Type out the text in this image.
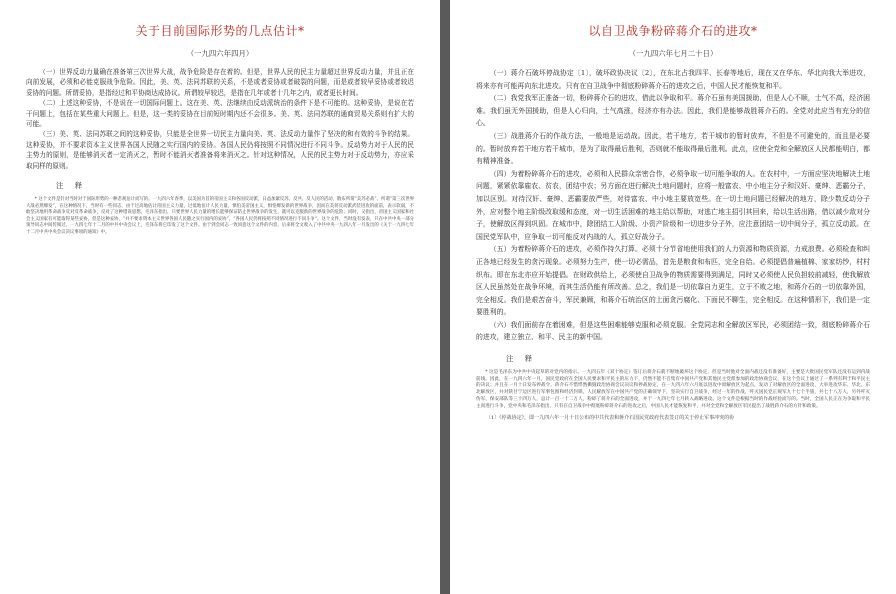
关于目前国际形势的几点估计*
（一九四六年四月）

（一）世界反动力量确在准备第三次世界大战，战争危险是存在着的。但是，世界人民的民主力量超过世界反动力量，并且正在向前发展，必须和必能克服战争危险。因此，美、英、法同苏联的关系，不是或者妥协或者破裂的问题，而是或者较早妥协或者较迟妥协的问题。所谓妥协，是指经过和平协商达成协议。所谓较早较迟，是指在几年或者十几年之内，或者更长时间。

（二）上述这种妥协，不是说在一切国际问题上。这在美、英、法继续由反动派统治的条件下是不可能的。这种妥协，是说在若干问题上，包括在某些重大问题上。但是，这一类的妥协在目前短时期内还不会很多。美、英、法同苏联的通商贸易关系则有扩大的可能。

（三）美、英、法同苏联之间的这种妥协，只能是全世界一切民主力量向美、英、法反动力量作了坚决的和有效的斗争的结果。这种妥协，并不要求资本主义世界各国人民随之实行国内的妥协。各国人民仍将按照不同情况进行不同斗争。反动势力对于人民的民主势力的原则，是能够消灭者一定消灭之，暂时不能消灭者准备将来消灭之。针对这种情况，人民的民主势力对于反动势力，亦应采取同样的原则。

注　释

* 这个文件是针对当时对于国际形势的一种悲观估计而写的。一九四六年春季，以美国为首的帝国主义和各国反动派，日益加紧反苏、反共、反人民的活动，散布所谓“美苏必战”、所谓“第三次世界大战必然爆发”，在这种情况下，当时有一些同志，由于过高地估计帝国主义力量，过低地估计人民力量，惧怕美帝国主义，惧怕爆发新的世界战争，因而在美蒋反动派武装进攻的面前，表示软弱，不敢坚决地用革命战争反对反革命战争，反对了这种错误思想。毛泽东指出，只要世界人民力量的增长能够保证防止世界战争的发生，就可以克服新的世界战争的危险；同时，又指出，帝国主义国家和社会主义国家有可能取得某些妥协，但是这种妥协，“并不要求资本主义世界各国人民随之实行国内的妥协”，“各国人民仍将按照不同情况进行不同斗争”。这个文件，当时没有发表，只在中共中央一部分领导同志中间传阅过。一九四七年十二月的中共中央会议上，毛泽东将它印发了这个文件。由于到会同志一致同意这个文件的内容，后来将全文收入了中共中央一九四八年一月发出的《关于一九四七年十二月中共中央会议决议事项的通知》中。

以自卫战争粉碎蒋介石的进攻*
（一九四六年七月二十日）

（一）蒋介石破坏停战协定〔1〕，破坏政协决议〔2〕，在东北占我四平、长春等地后，现在又在华东、华北向我大举进攻，将来亦有可能再向东北进攻。只有在自卫战争中彻底粉碎蒋介石的进攻之后，中国人民才能恢复和平。

（二）我党我军正准备一切，粉碎蒋介石的进攻，借此以争取和平。蒋介石虽有美国援助，但是人心不顺，士气不高，经济困难。我们虽无外国援助，但是人心归向，士气高涨，经济亦有办法。因此，我们是能够战胜蒋介石的。全党对此应当有充分的信心。

（三）战胜蒋介石的作战方法，一般地是运动战。因此，若干地方，若干城市的暂时放弃，不但是不可避免的，而且是必要的。暂时放弃若干地方若干城市，是为了取得最后胜利，否则就不能取得最后胜利。此点，应使全党和全解放区人民都能明白，都有精神准备。

（四）为着粉碎蒋介石的进攻，必须和人民群众亲密合作，必须争取一切可能争取的人。在农村中，一方面应坚决地解决土地问题，紧紧依靠雇农、贫农，团结中农；另方面在进行解决土地问题时，应将一般富农、中小地主分子和汉奸、豪绅、恶霸分子，加以区别。对待汉奸、豪绅、恶霸要放严些，对待富农、中小地主要放宽些。在一切土地问题已经解决的地方，除少数反动分子外，应对整个地主阶级改取缓和态度，对一切生活困难的地主给以帮助，对逃亡地主招引其回来，给以生活出路，借以减少敌对分子，使解放区得到巩固。在城市中，除团结工人阶级、小资产阶级和一切进步分子外，应注意团结一切中间分子，孤立反动派。在国民党军队中，应争取一切可能反对内战的人，孤立好战分子。

（五）为着粉碎蒋介石的进攻，必须作持久打算。必须十分节省地使用我们的人力资源和物质资源，力戒浪费。必须检查和纠正各地已经发生的贪污现象。必须努力生产，使一切必需品，首先是粮食和布匹，完全自给。必须提倡普遍植棉、家家纺纱，村村织布。即在东北亦应开始提倡。在财政供给上，必须使自卫战争的物质需要得到满足，同时又必须使人民负担较前减轻，使我解放区人民虽然处在战争环境，而其生活仍能有所改善。总之，我们是一切依靠自力更生，立于不败之地，和蒋介石的一切依靠外国，完全相反。我们是艰苦奋斗，军民兼顾，和蒋介石统治区的上面贪污腐化、下面民不聊生，完全相反。在这种情形下，我们是一定要胜利的。

（六）我们面前存在着困难，但是这些困难能够克服和必须克服。全党同志和全解放区军民，必须团结一致，彻底粉碎蒋介石的进攻，建立独立、和平、民主的新中国。

注　释

* 这是毛泽东为中共中央起草的对党内的指示。一九四五年《双十协定》签订后蒋介石就不断地破坏这个协定，但是当时他对全面内战还没有准备好，主要是大批国民党军队还没有运到内战前线。因此，在一九四六年一月，国民党政府在全国人民要求和平民主的压力下，仍然不能不召集有中国共产党和其他民主党派参加的政治协商会议，在这个会议上通过了一系列有利于和平民主的决议；并且在一月十日发布停战令。蒋介石不惜悍然撕毁政治协商会议决议和停战协定，在一九四六年六月底以进攻中原解放区为起点，发动了对解放区的全面进攻，大举进攻华东、华北、东北解放区，并对陕甘宁边区进行军事包围和经济封锁。人民解放军在中国共产党的正确领导下，坚决实行自卫战争，经过一年的作战，歼灭国民党正规军九十七个半旅，共七十八万人，另外歼灭伪军、保安部队等三十四万人，总计一百一十二万人，粉碎了蒋介石的全面进攻，并于一九四七年七月转入战略进攻。这个文件是根据当时的作战经验而写的。当时，全国人民正在为争取和平民主而进行斗争，党中央和毛泽东指出，只有在自卫战争中彻底粉碎蒋介石的进攻之后，中国人民才能恢复和平，并对全党和全解放区军民提出了战胜蒋介石的方针和政策。

〔1〕《停战协定》，即一九四六年一月十日公布的中共代表和蒋介石国民党政府代表签订的关于停止军事冲突的协
